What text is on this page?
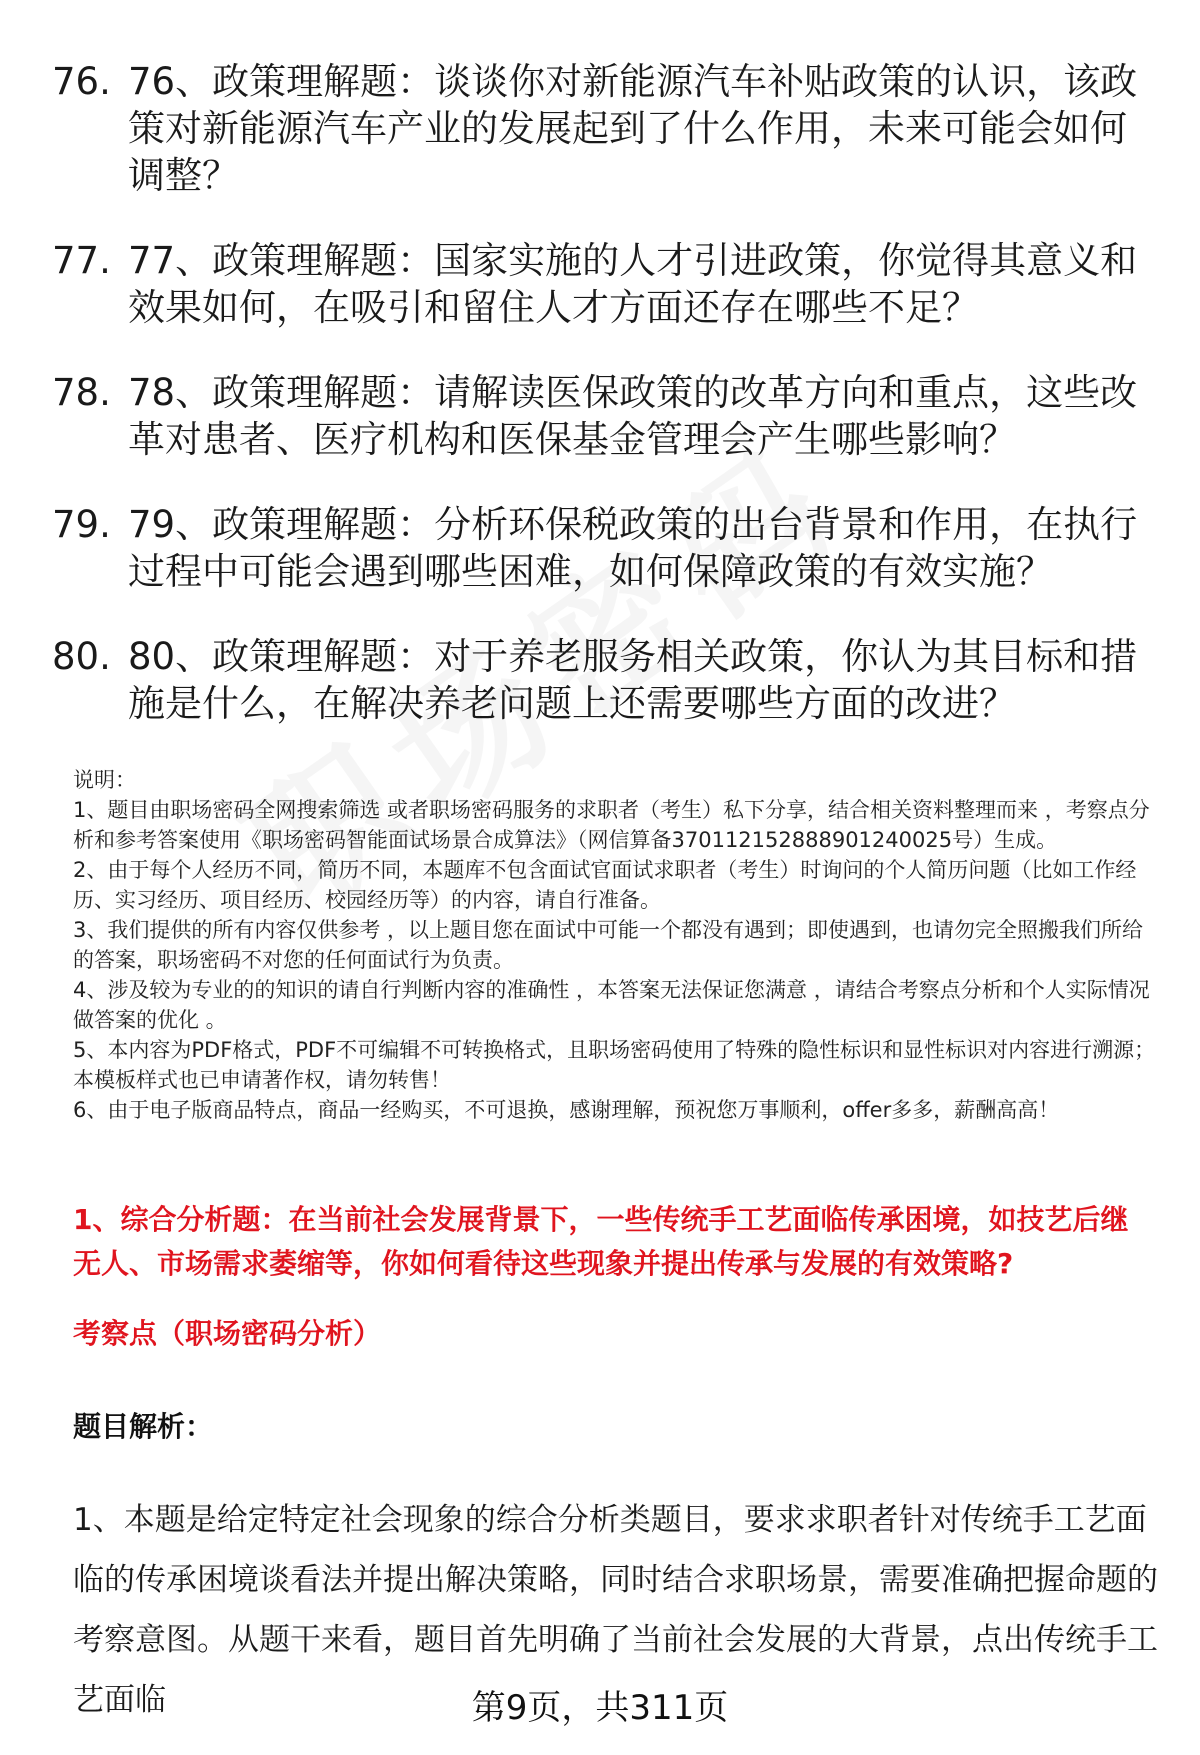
76. 76、政策理解题：谈谈你对新能源汽车补贴政策的认识，该政策对新能源汽车产业的发展起到了什么作用，未来可能会如何调整？
77. 77、政策理解题：国家实施的人才引进政策，你觉得其意义和效果如何，在吸引和留住人才方面还存在哪些不足？
78. 78、政策理解题：请解读医保政策的改革方向和重点，这些改革对患者、医疗机构和医保基金管理会产生哪些影响？
79. 79、政策理解题：分析环保税政策的出台背景和作用，在执行过程中可能会遇到哪些困难，如何保障政策的有效实施？
80. 80、政策理解题：对于养老服务相关政策，你认为其目标和措施是什么，在解决养老问题上还需要哪些方面的改进？

说明：

1、题目由职场密码全网搜索筛选 或者职场密码服务的求职者（考生）私下分享，结合相关资料整理而来 ，考察点分析和参考答案使用《职场密码智能面试场景合成算法》（网信算备370112152888901240025号）生成。

2、由于每个人经历不同，简历不同，本题库不包含面试官面试求职者（考生）时询问的个人简历问题（比如工作经历、实习经历、项目经历、校园经历等）的内容，请自行准备。

3、我们提供的所有内容仅供参考 ，以上题目您在面试中可能一个都没有遇到；即使遇到，也请勿完全照搬我们所给的答案，职场密码不对您的任何面试行为负责。

4、涉及较为专业的的知识的请自行判断内容的准确性 ，本答案无法保证您满意 ，请结合考察点分析和个人实际情况做答案的优化 。

5、本内容为PDF格式，PDF不可编辑不可转换格式，且职场密码使用了特殊的隐性标识和显性标识对内容进行溯源；本模板样式也已申请著作权，请勿转售！

6、由于电子版商品特点，商品一经购买，不可退换，感谢理解，预祝您万事顺利，offer多多，薪酬高高！

1、综合分析题：在当前社会发展背景下，一些传统手工艺面临传承困境，如技艺后继无人、市场需求萎缩等，你如何看待这些现象并提出传承与发展的有效策略?
考察点（职场密码分析）
题目解析：

1、本题是给定特定社会现象的综合分析类题目，要求求职者针对传统手工艺面临的传承困境谈看法并提出解决策略，同时结合求职场景，需要准确把握命题的考察意图。从题干来看，题目首先明确了当前社会发展的大背景，点出传统手工艺面临	第9页，共311页
